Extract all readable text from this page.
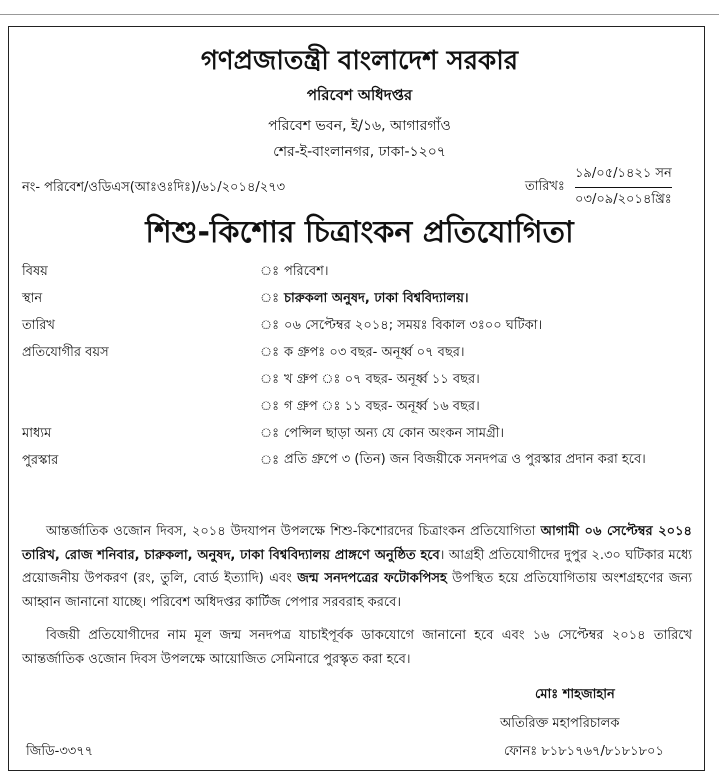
গণপ্রজাতন্ত্রী বাংলাদেশ সরকার
পরিবেশ অধিদপ্তর
পরিবেশ ভবন, ই/১৬, আগারগাঁও
শের-ই-বাংলানগর, ঢাকা-১২০৭
নং- পরিবেশ/ওডিএস(আঃওঃদিঃ)/৬১/২০১৪/২৭৩	তারিখঃ
১৯/০৫/১৪২১ সন
০৩/০৯/২০১৪খ্রিঃ
শিশু-কিশোর চিত্রাংকন প্রতিযোগিতা
বিষয়	ঃ পরিবেশ।
স্থান	ঃ চারুকলা অনুষদ, ঢাকা বিশ্ববিদ্যালয়।
তারিখ	ঃ ০৬ সেপ্টেম্বর ২০১৪; সময়ঃ বিকাল ৩ঃ০০ ঘটিকা।
প্রতিযোগীর বয়স	ঃ ক গ্রুপঃ ০৩ বছর- অনূর্ধ্ব ০৭ বছর।
ঃ খ গ্রুপ ঃ ০৭ বছর- অনূর্ধ্ব ১১ বছর।
ঃ গ গ্রুপ ঃ ১১ বছর- অনূর্ধ্ব ১৬ বছর।
মাধ্যম	ঃ পেন্সিল ছাড়া অন্য যে কোন অংকন সামগ্রী।
পুরস্কার	ঃ প্রতি গ্রুপে ৩ (তিন) জন বিজয়ীকে সনদপত্র ও পুরস্কার প্রদান করা হবে।
আন্তর্জাতিক ওজোন দিবস, ২০১৪ উদযাপন উপলক্ষে শিশু-কিশোরদের চিত্রাংকন প্রতিযোগিতা আগামী ০৬ সেপ্টেম্বর ২০১৪ তারিখ, রোজ শনিবার, চারুকলা, অনুষদ, ঢাকা বিশ্ববিদ্যালয় প্রাঙ্গণে অনুষ্ঠিত হবে। আগ্রহী প্রতিযোগীদের দুপুর ২.৩০ ঘটিকার মধ্যে প্রয়োজনীয় উপকরণ (রং, তুলি, বোর্ড ইত্যাদি) এবং জন্ম সনদপত্রের ফটোকপিসহ উপস্থিত হয়ে প্রতিযোগিতায় অংশগ্রহণের জন্য আহ্বান জানানো যাচ্ছে। পরিবেশ অধিদপ্তর কার্টিজ পেপার সরবরাহ করবে।
বিজয়ী প্রতিযোগীদের নাম মূল জন্ম সনদপত্র যাচাইপূর্বক ডাকযোগে জানানো হবে এবং ১৬ সেপ্টেম্বর ২০১৪ তারিখে আন্তর্জাতিক ওজোন দিবস উপলক্ষে আয়োজিত সেমিনারে পুরস্কৃত করা হবে।
মোঃ শাহজাহান
অতিরিক্ত মহাপরিচালক
জিডি-৩৩৭৭	ফোনঃ ৮১৮১৭৬৭/৮১৮১৮০১
